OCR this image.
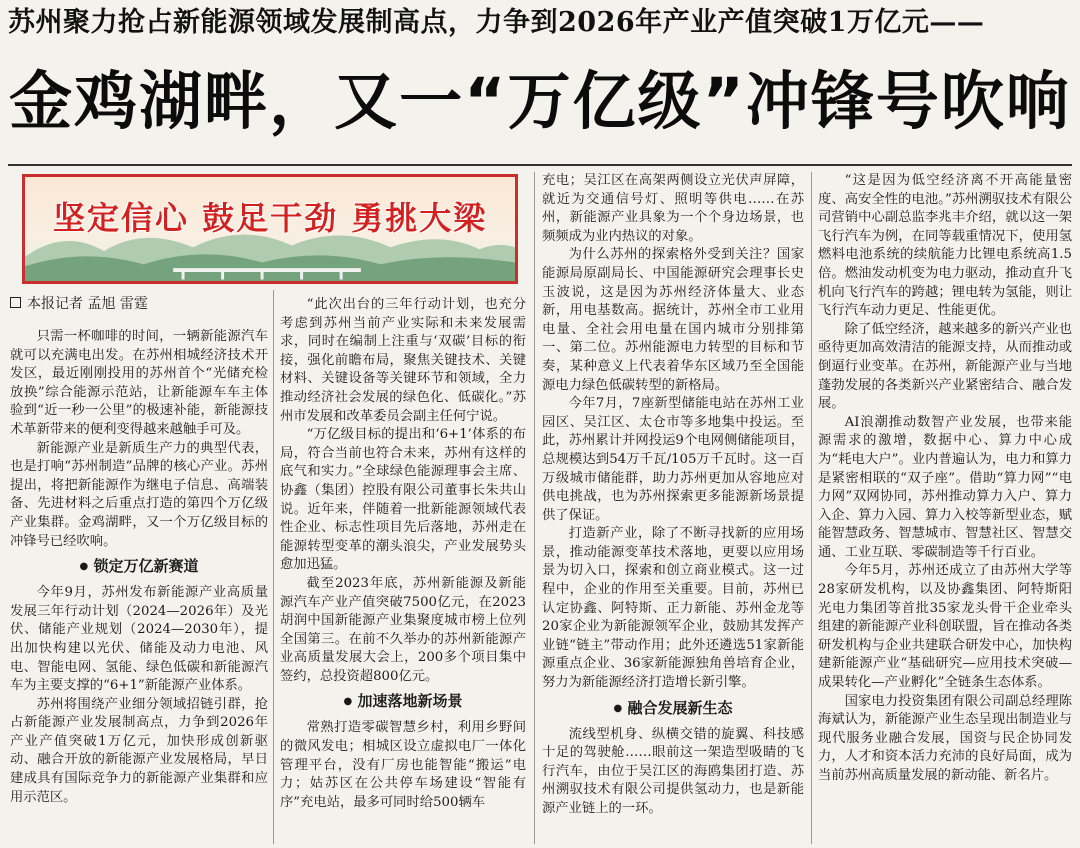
苏州聚力抢占新能源领域发展制高点，力争到2026年产业产值突破1万亿元——
金鸡湖畔，又一“万亿级”冲锋号吹响
坚定信心 鼓足干劲 勇挑大梁
本报记者 孟旭 雷霆

只需一杯咖啡的时间，一辆新能源汽车就可以充满电出发。在苏州相城经济技术开发区，最近刚刚投用的苏州首个“光储充检放换”综合能源示范站，让新能源车车主体验到“近一秒一公里”的极速补能，新能源技术革新带来的便利变得越来越触手可及。

新能源产业是新质生产力的典型代表，也是打响“苏州制造”品牌的核心产业。苏州提出，将把新能源作为继电子信息、高端装备、先进材料之后重点打造的第四个万亿级产业集群。金鸡湖畔，又一个万亿级目标的冲锋号已经吹响。

● 锁定万亿新赛道

今年9月，苏州发布新能源产业高质量发展三年行动计划（2024—2026年）及光伏、储能产业规划（2024—2030年），提出加快构建以光伏、储能及动力电池、风电、智能电网、氢能、绿色低碳和新能源汽车为主要支撑的“6+1”新能源产业体系。

苏州将围绕产业细分领域招链引群，抢占新能源产业发展制高点，力争到2026年产业产值突破1万亿元，加快形成创新驱动、融合开放的新能源产业发展格局，早日建成具有国际竞争力的新能源产业集群和应用示范区。

“此次出台的三年行动计划，也充分考虑到苏州当前产业实际和未来发展需求，同时在编制上注重与‘双碳’目标的衔接，强化前瞻布局，聚焦关键技术、关键材料、关键设备等关键环节和领域，全力推动经济社会发展的绿色化、低碳化。”苏州市发展和改革委员会副主任何宁说。

“万亿级目标的提出和‘6+1’体系的布局，符合当前也符合未来，苏州有这样的底气和实力。”全球绿色能源理事会主席、协鑫（集团）控股有限公司董事长朱共山说。近年来，伴随着一批新能源领域代表性企业、标志性项目先后落地，苏州走在能源转型变革的潮头浪尖，产业发展势头愈加迅猛。

截至2023年底，苏州新能源及新能源汽车产业产值突破7500亿元，在2023胡润中国新能源产业集聚度城市榜上位列全国第三。在前不久举办的苏州新能源产业高质量发展大会上，200多个项目集中签约，总投资超800亿元。

● 加速落地新场景

常熟打造零碳智慧乡村，利用乡野间的微风发电；相城区设立虚拟电厂一体化管理平台，没有厂房也能智能“搬运”电力；姑苏区在公共停车场建设“智能有序”充电站，最多可同时给500辆车

充电；吴江区在高架两侧设立光伏声屏障，就近为交通信号灯、照明等供电……在苏州，新能源产业具象为一个个身边场景，也频频成为业内热议的对象。

为什么苏州的探索格外受到关注？国家能源局原副局长、中国能源研究会理事长史玉波说，这是因为苏州经济体量大、业态新，用电基数高。据统计，苏州全市工业用电量、全社会用电量在国内城市分别排第一、第二位。苏州能源电力转型的目标和节奏，某种意义上代表着华东区域乃至全国能源电力绿色低碳转型的新格局。

今年7月，7座新型储能电站在苏州工业园区、吴江区、太仓市等多地集中投运。至此，苏州累计并网投运9个电网侧储能项目，总规模达到54万千瓦/105万千瓦时。这一百万级城市储能群，助力苏州更加从容地应对供电挑战，也为苏州探索更多能源新场景提供了保证。

打造新产业，除了不断寻找新的应用场景，推动能源变革技术落地，更要以应用场景为切入口，探索和创立商业模式。这一过程中，企业的作用至关重要。目前，苏州已认定协鑫、阿特斯、正力新能、苏州金龙等20家企业为新能源领军企业，鼓励其发挥产业链“链主”带动作用；此外还遴选51家新能源重点企业、36家新能源独角兽培育企业，努力为新能源经济打造增长新引擎。

● 融合发展新生态

流线型机身、纵横交错的旋翼、科技感十足的驾驶舱……眼前这一架造型吸睛的飞行汽车，由位于吴江区的海鸥集团打造、苏州溯驭技术有限公司提供氢动力，也是新能源产业链上的一环。

“这是因为低空经济离不开高能量密度、高安全性的电池。”苏州溯驭技术有限公司营销中心副总监李兆丰介绍，就以这一架飞行汽车为例，在同等载重情况下，使用氢燃料电池系统的续航能力比锂电系统高1.5倍。燃油发动机变为电力驱动，推动直升飞机向飞行汽车的跨越；锂电转为氢能，则让飞行汽车动力更足、性能更优。

除了低空经济，越来越多的新兴产业也亟待更加高效清洁的能源支持，从而推动或倒逼行业变革。在苏州，新能源产业与当地蓬勃发展的各类新兴产业紧密结合、融合发展。

AI浪潮推动数智产业发展，也带来能源需求的激增，数据中心、算力中心成为“耗电大户”。业内普遍认为，电力和算力是紧密相联的“双子座”。借助“算力网”“电力网”双网协同，苏州推动算力入户、算力入企、算力入园、算力入校等新型业态，赋能智慧政务、智慧城市、智慧社区、智慧交通、工业互联、零碳制造等千行百业。

今年5月，苏州还成立了由苏州大学等28家研发机构，以及协鑫集团、阿特斯阳光电力集团等首批35家龙头骨干企业牵头组建的新能源产业科创联盟，旨在推动各类研发机构与企业共建联合研发中心，加快构建新能源产业“基础研究—应用技术突破—成果转化—产业孵化”全链条生态体系。

国家电力投资集团有限公司副总经理陈海斌认为，新能源产业生态呈现出制造业与现代服务业融合发展，国资与民企协同发力，人才和资本活力充沛的良好局面，成为当前苏州高质量发展的新动能、新名片。
